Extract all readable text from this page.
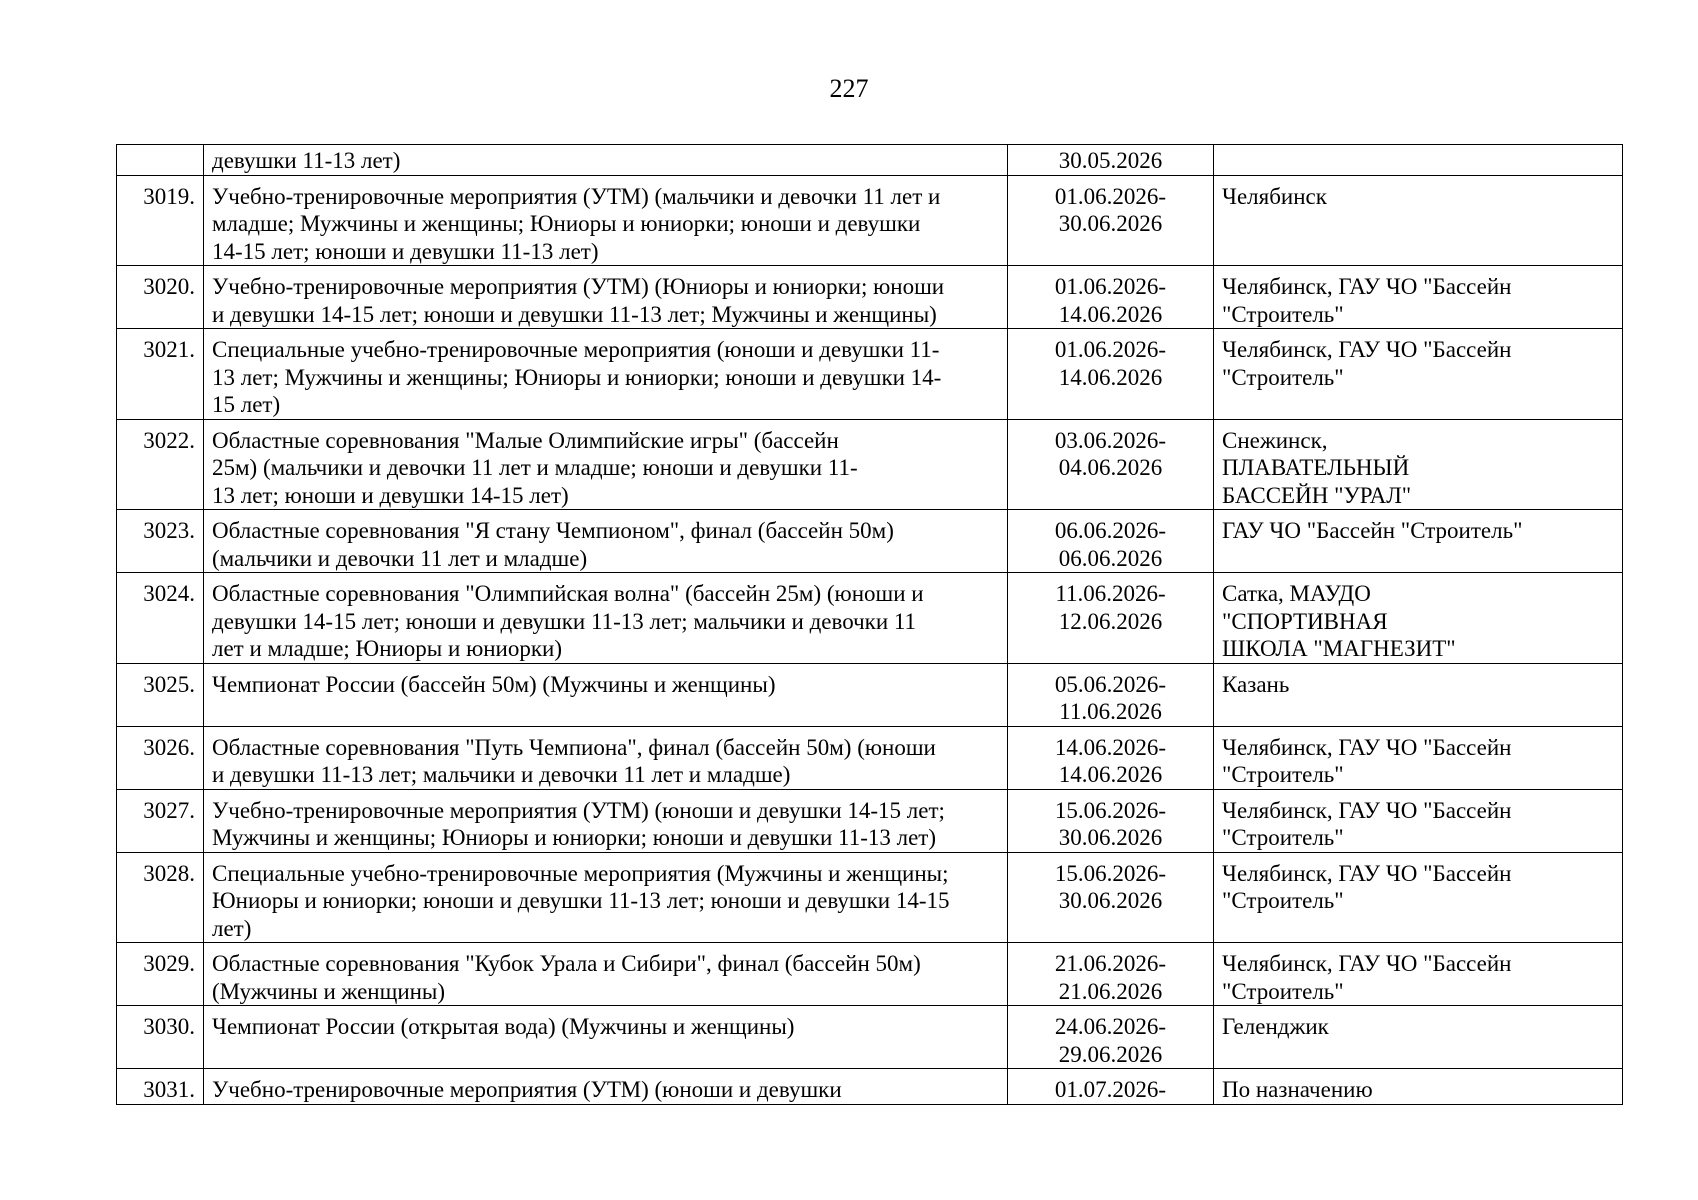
227

	девушки 11-13 лет)	30.05.2026	

3019.	Учебно-тренировочные мероприятия (УТМ) (мальчики и девочки 11 лет и
младше; Мужчины и женщины; Юниоры и юниорки; юноши и девушки
14-15 лет; юноши и девушки 11-13 лет)	01.06.2026-
30.06.2026	Челябинск

3020.	Учебно-тренировочные мероприятия (УТМ) (Юниоры и юниорки; юноши
и девушки 14-15 лет; юноши и девушки 11-13 лет; Мужчины и женщины)	01.06.2026-
14.06.2026	Челябинск, ГАУ ЧО "Бассейн
"Строитель"

3021.	Специальные учебно-тренировочные мероприятия (юноши и девушки 11-
13 лет; Мужчины и женщины; Юниоры и юниорки; юноши и девушки 14-
15 лет)	01.06.2026-
14.06.2026	Челябинск, ГАУ ЧО "Бассейн
"Строитель"

3022.	Областные соревнования "Малые Олимпийские игры" (бассейн
25м) (мальчики и девочки 11 лет и младше; юноши и девушки 11-
13 лет; юноши и девушки 14-15 лет)	03.06.2026-
04.06.2026	Снежинск,
ПЛАВАТЕЛЬНЫЙ
БАССЕЙН "УРАЛ"

3023.	Областные соревнования "Я стану Чемпионом", финал (бассейн 50м)
(мальчики и девочки 11 лет и младше)	06.06.2026-
06.06.2026	ГАУ ЧО "Бассейн "Строитель"

3024.	Областные соревнования "Олимпийская волна" (бассейн 25м) (юноши и
девушки 14-15 лет; юноши и девушки 11-13 лет; мальчики и девочки 11
лет и младше; Юниоры и юниорки)	11.06.2026-
12.06.2026	Сатка, МАУДО
"СПОРТИВНАЯ
ШКОЛА "МАГНЕЗИТ"

3025.	Чемпионат России (бассейн 50м) (Мужчины и женщины)	05.06.2026-
11.06.2026	Казань

3026.	Областные соревнования "Путь Чемпиона", финал (бассейн 50м) (юноши
и девушки 11-13 лет; мальчики и девочки 11 лет и младше)	14.06.2026-
14.06.2026	Челябинск, ГАУ ЧО "Бассейн
"Строитель"

3027.	Учебно-тренировочные мероприятия (УТМ) (юноши и девушки 14-15 лет;
Мужчины и женщины; Юниоры и юниорки; юноши и девушки 11-13 лет)	15.06.2026-
30.06.2026	Челябинск, ГАУ ЧО "Бассейн
"Строитель"

3028.	Специальные учебно-тренировочные мероприятия (Мужчины и женщины;
Юниоры и юниорки; юноши и девушки 11-13 лет; юноши и девушки 14-15
лет)	15.06.2026-
30.06.2026	Челябинск, ГАУ ЧО "Бассейн
"Строитель"

3029.	Областные соревнования "Кубок Урала и Сибири", финал (бассейн 50м)
(Мужчины и женщины)	21.06.2026-
21.06.2026	Челябинск, ГАУ ЧО "Бассейн
"Строитель"

3030.	Чемпионат России (открытая вода) (Мужчины и женщины)	24.06.2026-
29.06.2026	Геленджик

3031.	Учебно-тренировочные мероприятия (УТМ) (юноши и девушки	01.07.2026-	По назначению
